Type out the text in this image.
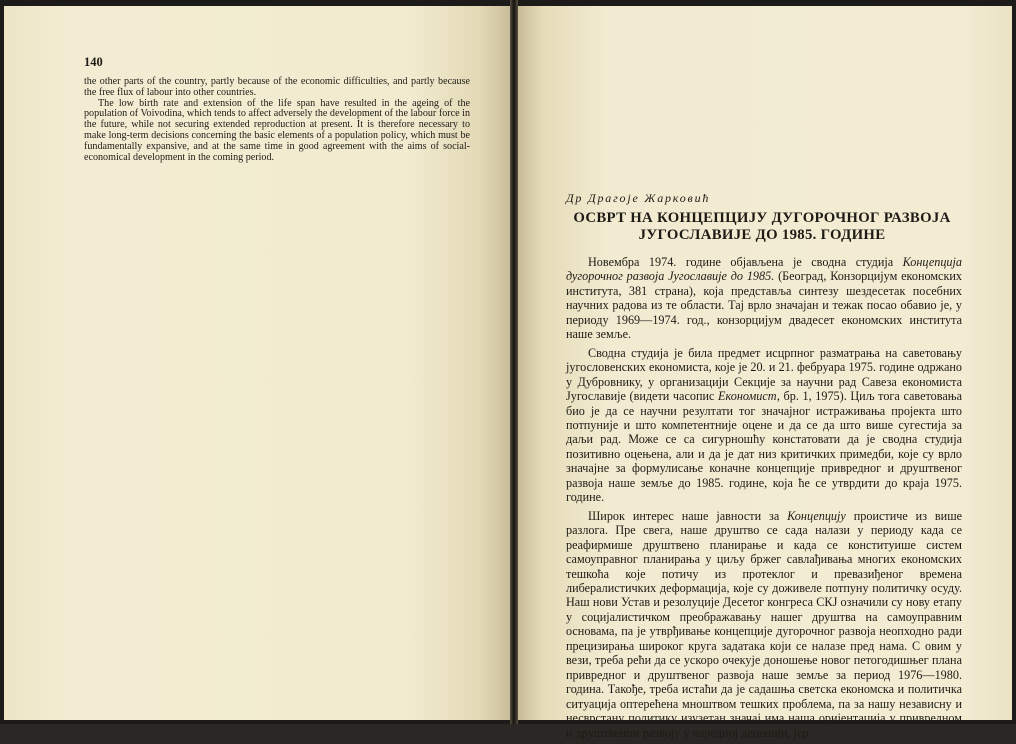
140

the other parts of the country, partly because of the economic difficulties, and partly because the free flux of labour into other countries.

The low birth rate and extension of the life span have resulted in the ageing of the population of Voivodina, which tends to affect adversely the development of the labour force in the future, while not securing extended reproduction at present. It is therefore necessary to make long-term decisions concerning the basic elements of a population policy, which must be fundamentally expansive, and at the same time in good agreement with the aims of social-economical development in the coming period.

Др Драгоје Жарковић
ОСВРТ НА КОНЦЕПЦИЈУ ДУГОРОЧНОГ РАЗВОЈА
ЈУГОСЛАВИЈЕ ДО 1985. ГОДИНЕ

Новембра 1974. године објављена је сводна студија Концепција дугорочног развоја Југославије до 1985. (Београд, Конзорцијум економских института, 381 страна), која представља синтезу шездесетак посебних научних радова из те области. Тај врло значајан и тежак посао обавио је, у периоду 1969—1974. год., конзорцијум двадесет економских института наше земље.

Сводна студија је била предмет исцрпног разматрања на саветовању југословенских економиста, које је 20. и 21. фебруара 1975. године одржано у Дубровнику, у организацији Секције за научни рад Савеза економиста Југославије (видети часопис Економист, бр. 1, 1975). Циљ тога саветовања био је да се научни резултати тог значајног истраживања пројекта што потпуније и што компетентније оцене и да се да што више сугестија за даљи рад. Може се са сигурношћу констатовати да је сводна студија позитивно оцењена, али и да је дат низ критичких примедби, које су врло значајне за формулисање коначне концепције привредног и друштвеног развоја наше земље до 1985. године, која ће се утврдити до краја 1975. године.

Широк интерес наше јавности за Концепцију проистиче из више разлога. Пре свега, наше друштво се сада налази у периоду када се реафирмише друштвено планирање и када се конституише систем самоуправног планирања у циљу бржег савлађивања многих економских тешкоћа које потичу из протеклог и превазиђеног времена либералистичких деформација, које су доживеле потпуну политичку осуду. Наш нови Устав и резолуције Десетог конгреса СКЈ означили су нову етапу у социјалистичком преображавању нашег друштва на самоуправним основама, па је утврђивање концепције дугорочног развоја неопходно ради прецизирања широког круга задатака који се налазе пред нама. С овим у вези, треба рећи да се ускоро очекује доношење новог петогодишњег плана привредног и друштвеног развоја наше земље за период 1976—1980. година. Такође, треба истаћи да је садашња светска економска и политичка ситуација оптерећена мноштвом тешких проблема, па за нашу независну и несврстану политику изузетан значај има наша оријентација у привредном и друштвеном развоју у наредној деценији, јер
